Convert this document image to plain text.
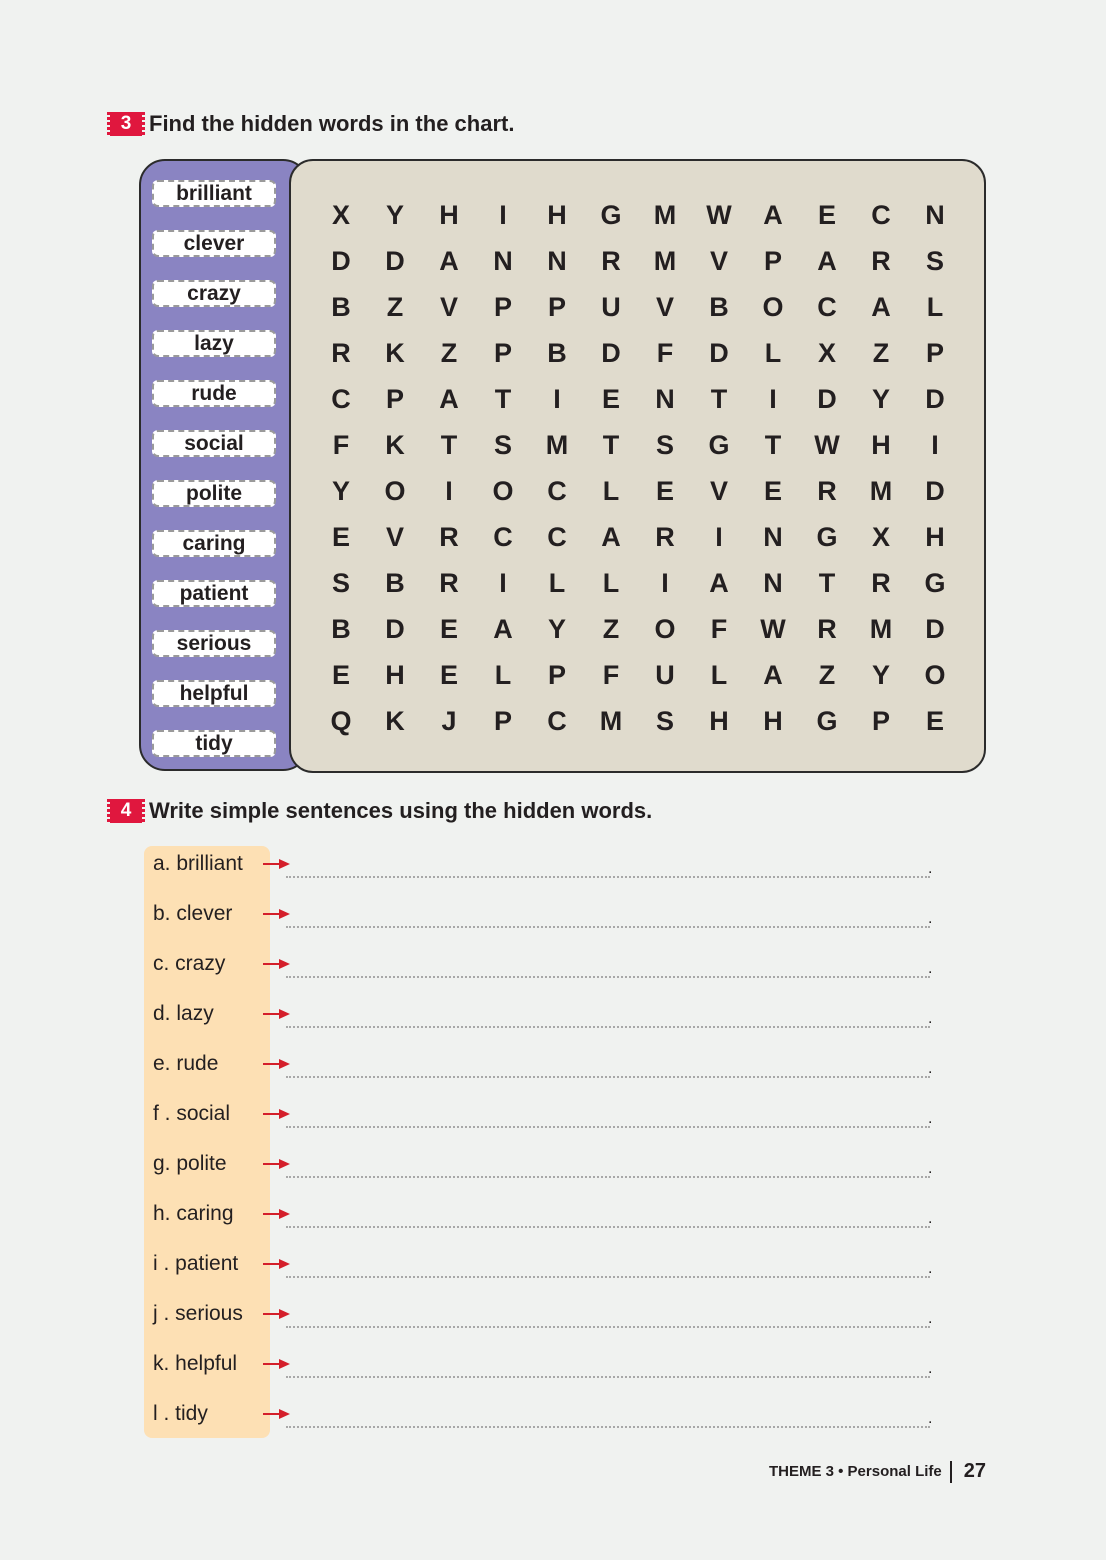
3 Find the hidden words in the chart.
brilliant
clever
crazy
lazy
rude
social
polite
caring
patient
serious
helpful
tidy
X	Y	H	I	H	G	M	W	A	E	C	N
D	D	A	N	N	R	M	V	P	A	R	S
B	Z	V	P	P	U	V	B	O	C	A	L
R	K	Z	P	B	D	F	D	L	X	Z	P
C	P	A	T	I	E	N	T	I	D	Y	D
F	K	T	S	M	T	S	G	T	W	H	I
Y	O	I	O	C	L	E	V	E	R	M	D
E	V	R	C	C	A	R	I	N	G	X	H
S	B	R	I	L	L	I	A	N	T	R	G
B	D	E	A	Y	Z	O	F	W	R	M	D
E	H	E	L	P	F	U	L	A	Z	Y	O
Q	K	J	P	C	M	S	H	H	G	P	E
4 Write simple sentences using the hidden words.
a. brilliant	.
b. clever	.
c. crazy	.
d. lazy	.
e. rude	.
f . social	.
g. polite	.
h. caring	.
i . patient	.
j . serious	.
k. helpful	.
l . tidy	.
THEME 3 • Personal Life 27
